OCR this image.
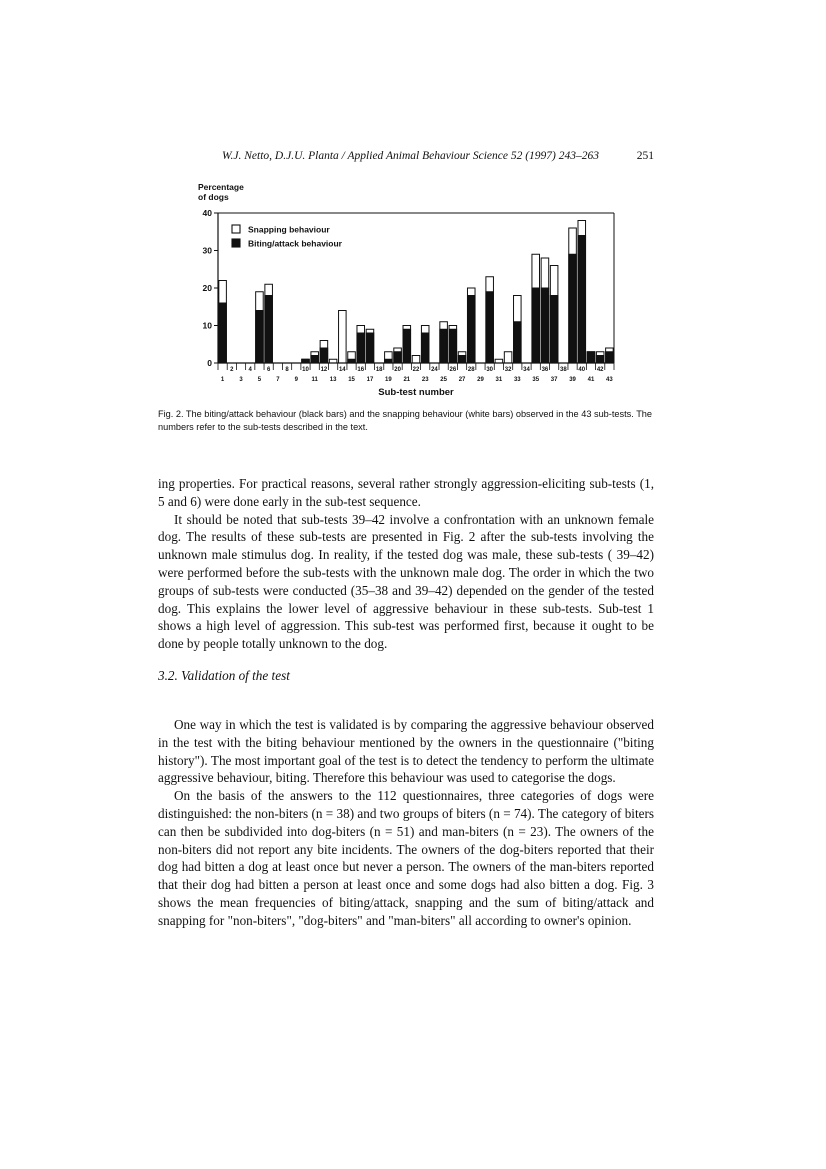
W.J. Netto, D.J.U. Planta / Applied Animal Behaviour Science 52 (1997) 243–263	251
Percentage
of dogs
0
10
20
30
40
2	4	6	8 10 12 14 16 18 20 22 24 26 28 30 32 34 36 38 40 42
1	3	5	7	9 11 13 15 17 19 21 23 25 27 29 31 33 35 37 39 41 43
Snapping behaviour
Biting/attack behaviour
Sub-test number
Fig. 2. The biting/attack behaviour (black bars) and the snapping behaviour (white bars) observed in the 43 sub-tests. The numbers refer to the sub-tests described in the text.

ing properties. For practical reasons, several rather strongly aggression-eliciting sub-tests (1, 5 and 6) were done early in the sub-test sequence.

It should be noted that sub-tests 39–42 involve a confrontation with an unknown female dog. The results of these sub-tests are presented in Fig. 2 after the sub-tests involving the unknown male stimulus dog. In reality, if the tested dog was male, these sub-tests ( 39–42) were performed before the sub-tests with the unknown male dog. The order in which the two groups of sub-tests were conducted (35–38 and 39–42) depended on the gender of the tested dog. This explains the lower level of aggressive behaviour in these sub-tests. Sub-test 1 shows a high level of aggression. This sub-test was performed first, because it ought to be done by people totally unknown to the dog.

3.2. Validation of the test

One way in which the test is validated is by comparing the aggressive behaviour observed in the test with the biting behaviour mentioned by the owners in the questionnaire ("biting history"). The most important goal of the test is to detect the tendency to perform the ultimate aggressive behaviour, biting. Therefore this behaviour was used to categorise the dogs.

On the basis of the answers to the 112 questionnaires, three categories of dogs were distinguished: the non-biters (n = 38) and two groups of biters (n = 74). The category of biters can then be subdivided into dog-biters (n = 51) and man-biters (n = 23). The owners of the non-biters did not report any bite incidents. The owners of the dog-biters reported that their dog had bitten a dog at least once but never a person. The owners of the man-biters reported that their dog had bitten a person at least once and some dogs had also bitten a dog. Fig. 3 shows the mean frequencies of biting/attack, snapping and the sum of biting/attack and snapping for "non-biters", "dog-biters" and "man-biters" all according to owner's opinion.
